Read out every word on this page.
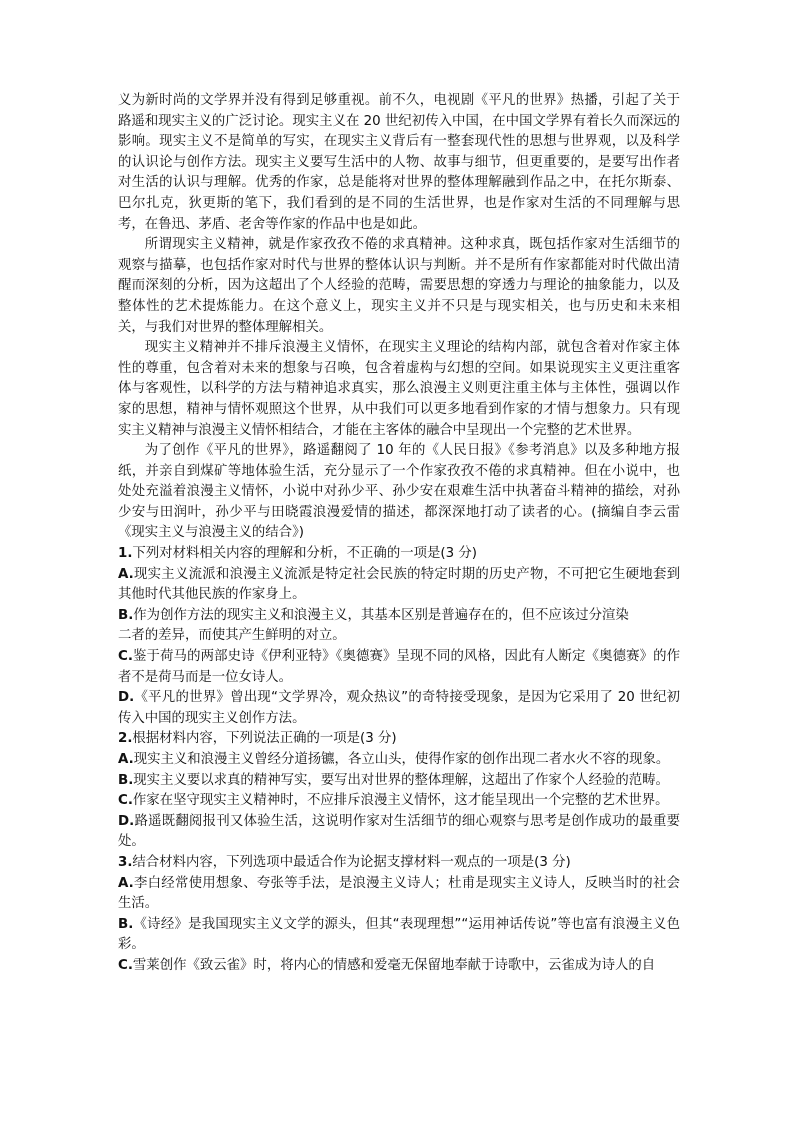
义为新时尚的文学界并没有得到足够重视。前不久，电视剧《平凡的世界》热播，引起了关于路遥和现实主义的广泛讨论。现实主义在 20 世纪初传入中国，在中国文学界有着长久而深远的影响。现实主义不是简单的写实，在现实主义背后有一整套现代性的思想与世界观，以及科学的认识论与创作方法。现实主义要写生活中的人物、故事与细节，但更重要的，是要写出作者对生活的认识与理解。优秀的作家，总是能将对世界的整体理解融到作品之中，在托尔斯泰、巴尔扎克，狄更斯的笔下，我们看到的是不同的生活世界，也是作家对生活的不同理解与思考，在鲁迅、茅盾、老舍等作家的作品中也是如此。

所谓现实主义精神，就是作家孜孜不倦的求真精神。这种求真，既包括作家对生活细节的观察与描摹，也包括作家对时代与世界的整体认识与判断。并不是所有作家都能对时代做出清醒而深刻的分析，因为这超出了个人经验的范畴，需要思想的穿透力与理论的抽象能力，以及整体性的艺术提炼能力。在这个意义上，现实主义并不只是与现实相关，也与历史和未来相关，与我们对世界的整体理解相关。

现实主义精神并不排斥浪漫主义情怀，在现实主义理论的结构内部，就包含着对作家主体性的尊重，包含着对未来的想象与召唤，包含着虚构与幻想的空间。如果说现实主义更注重客体与客观性，以科学的方法与精神追求真实，那么浪漫主义则更注重主体与主体性，强调以作家的思想，精神与情怀观照这个世界，从中我们可以更多地看到作家的才情与想象力。只有现实主义精神与浪漫主义情怀相结合，才能在主客体的融合中呈现出一个完整的艺术世界。

为了创作《平凡的世界》，路遥翻阅了 10 年的《人民日报》《参考消息》以及多种地方报纸，并亲自到煤矿等地体验生活，充分显示了一个作家孜孜不倦的求真精神。但在小说中，也处处充溢着浪漫主义情怀，小说中对孙少平、孙少安在艰难生活中执著奋斗精神的描绘，对孙少安与田润叶，孙少平与田晓霞浪漫爱情的描述，都深深地打动了读者的心。(摘编自李云雷《现实主义与浪漫主义的结合》)

1.下列对材料相关内容的理解和分析，不正确的一项是(3 分)

A.现实主义流派和浪漫主义流派是特定社会民族的特定时期的历史产物，不可把它生硬地套到其他时代其他民族的作家身上。

B.作为创作方法的现实主义和浪漫主义，其基本区别是普遍存在的，但不应该过分渲染

二者的差异，而使其产生鲜明的对立。

C.鉴于荷马的两部史诗《伊利亚特》《奥德赛》呈现不同的风格，因此有人断定《奥德赛》的作者不是荷马而是一位女诗人。

D.《平凡的世界》曾出现“文学界冷，观众热议”的奇特接受现象，是因为它采用了 20 世纪初传入中国的现实主义创作方法。

2.根据材料内容，下列说法正确的一项是(3 分)

A.现实主义和浪漫主义曾经分道扬镳，各立山头，使得作家的创作出现二者水火不容的现象。

B.现实主义要以求真的精神写实，要写出对世界的整体理解，这超出了作家个人经验的范畴。

C.作家在坚守现实主义精神时，不应排斥浪漫主义情怀，这才能呈现出一个完整的艺术世界。

D.路遥既翻阅报刊又体验生活，这说明作家对生活细节的细心观察与思考是创作成功的最重要处。

3.结合材料内容，下列选项中最适合作为论据支撑材料一观点的一项是(3 分)

A.李白经常使用想象、夸张等手法，是浪漫主义诗人；杜甫是现实主义诗人，反映当时的社会生活。

B.《诗经》是我国现实主义文学的源头，但其“表现理想”“运用神话传说”等也富有浪漫主义色彩。

C.雪莱创作《致云雀》时，将内心的情感和爱毫无保留地奉献于诗歌中，云雀成为诗人的自
